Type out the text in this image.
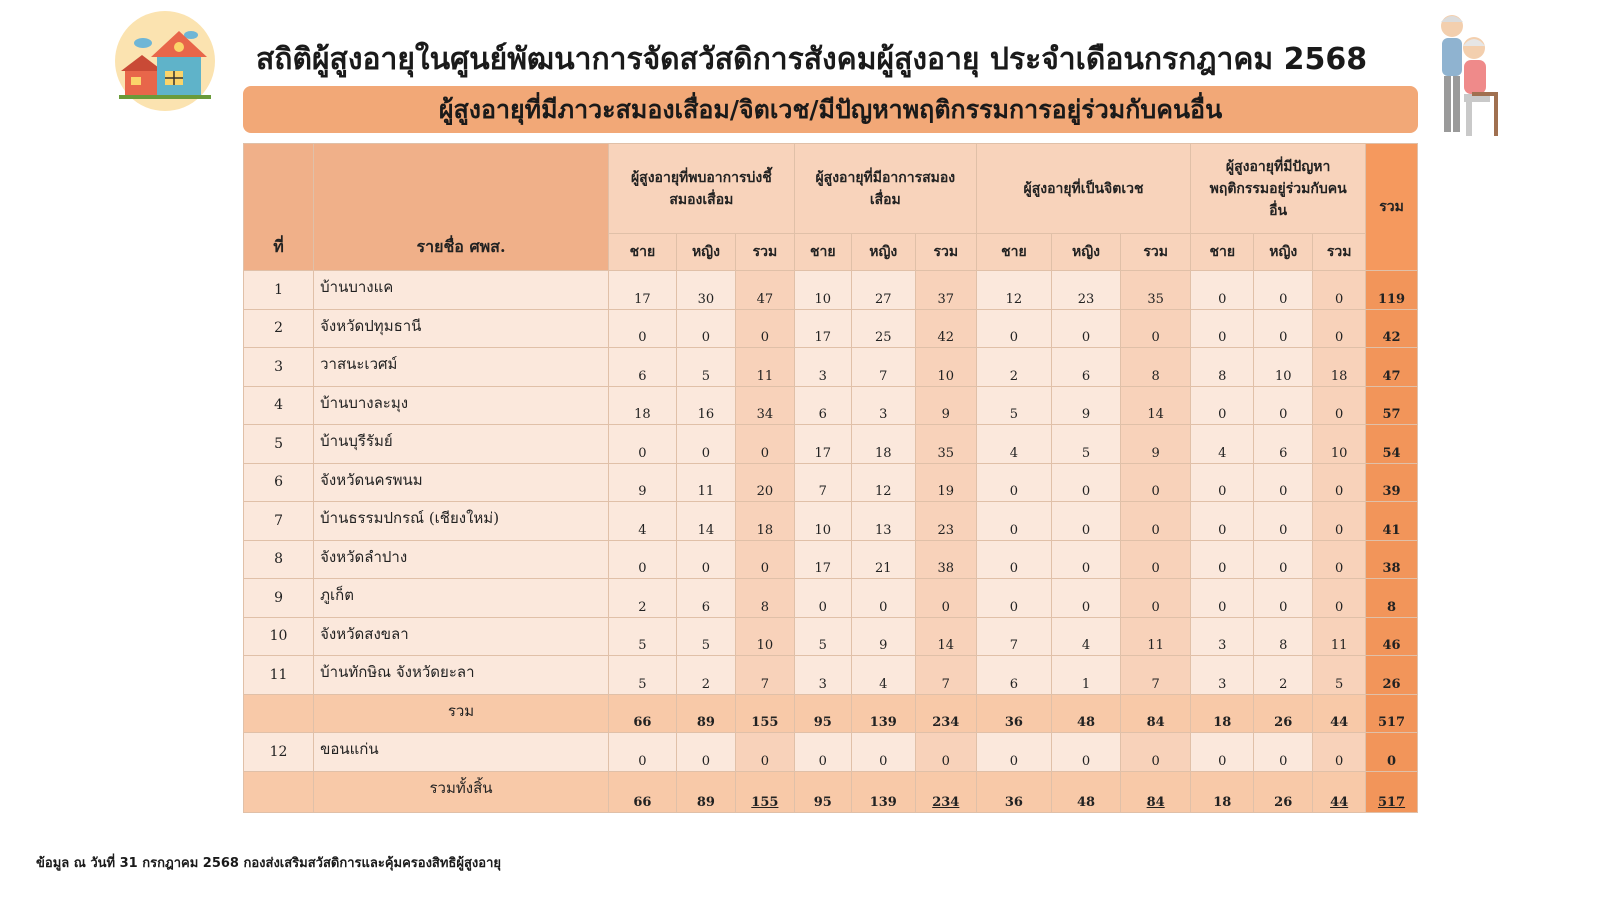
สถิติผู้สูงอายุในศูนย์พัฒนาการจัดสวัสดิการสังคมผู้สูงอายุ ประจำเดือนกรกฎาคม 2568
ผู้สูงอายุที่มีภาวะสมองเสื่อม/จิตเวช/มีปัญหาพฤติกรรมการอยู่ร่วมกับคนอื่น
ที่	รายชื่อ ศพส.	ผู้สูงอายุที่พบอาการบ่งชี้สมองเสื่อม			ผู้สูงอายุที่มีอาการสมองเสื่อม			ผู้สูงอายุที่เป็นจิตเวช			ผู้สูงอายุที่มีปัญหาพฤติกรรมอยู่ร่วมกับคนอื่น			รวม
		ชาย	หญิง	รวม	ชาย	หญิง	รวม	ชาย	หญิง	รวม	ชาย	หญิง	รวม	
1	บ้านบางแค	17	30	47	10	27	37	12	23	35	0	0	0	119
2	จังหวัดปทุมธานี	0	0	0	17	25	42	0	0	0	0	0	0	42
3	วาสนะเวศม์	6	5	11	3	7	10	2	6	8	8	10	18	47
4	บ้านบางละมุง	18	16	34	6	3	9	5	9	14	0	0	0	57
5	บ้านบุรีรัมย์	0	0	0	17	18	35	4	5	9	4	6	10	54
6	จังหวัดนครพนม	9	11	20	7	12	19	0	0	0	0	0	0	39
7	บ้านธรรมปกรณ์ (เชียงใหม่)	4	14	18	10	13	23	0	0	0	0	0	0	41
8	จังหวัดลำปาง	0	0	0	17	21	38	0	0	0	0	0	0	38
9	ภูเก็ต	2	6	8	0	0	0	0	0	0	0	0	0	8
10	จังหวัดสงขลา	5	5	10	5	9	14	7	4	11	3	8	11	46
11	บ้านทักษิณ จังหวัดยะลา	5	2	7	3	4	7	6	1	7	3	2	5	26
	รวม	66	89	155	95	139	234	36	48	84	18	26	44	517
12	ขอนแก่น	0	0	0	0	0	0	0	0	0	0	0	0	0
	รวมทั้งสิ้น	66	89	155	95	139	234	36	48	84	18	26	44	517
ข้อมูล ณ วันที่ 31 กรกฎาคม 2568 กองส่งเสริมสวัสดิการและคุ้มครองสิทธิผู้สูงอายุ
